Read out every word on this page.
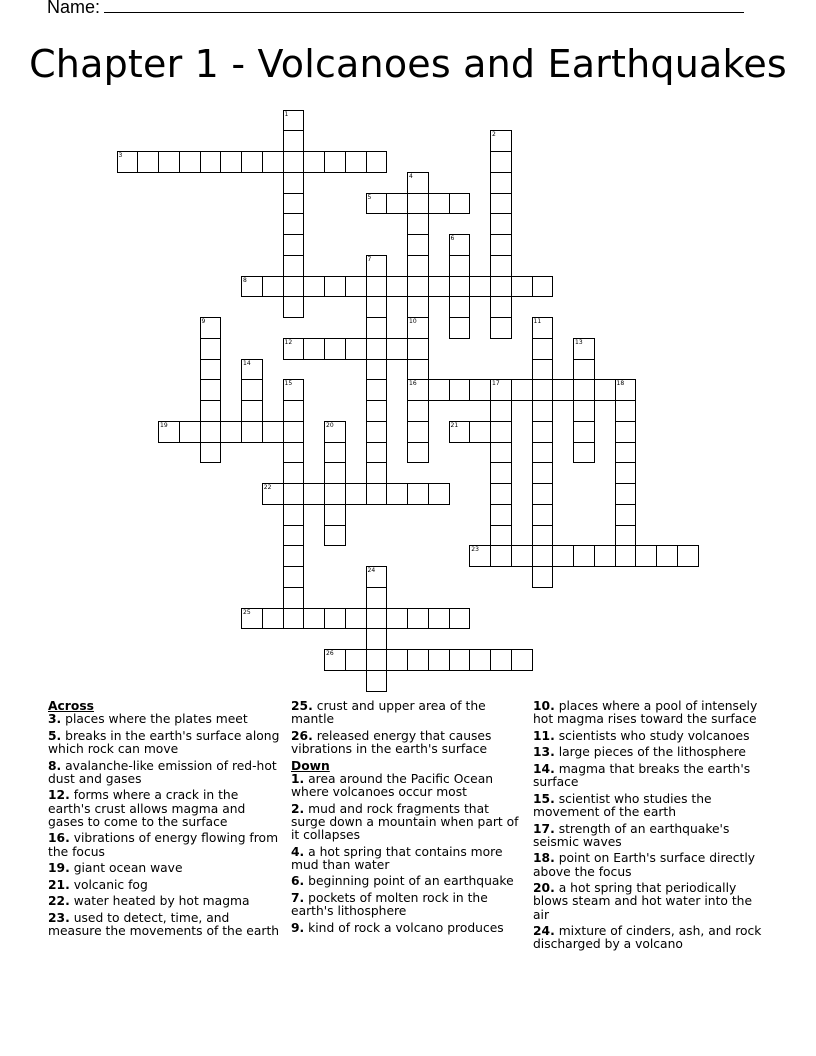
Name:
Chapter 1 - Volcanoes and Earthquakes
1
2
3
4
5
6
7
8
9	10
16
11
12	13
14
15	17	18
19	20	21
22
23
24
25
26
Across
3. places where the plates meet
5. breaks in the earth's surface along which rock can move
8. avalanche-like emission of red-hot dust and gases
12. forms where a crack in the earth's crust allows magma and gases to come to the surface
16. vibrations of energy flowing from the focus
19. giant ocean wave
21. volcanic fog
22. water heated by hot magma
23. used to detect, time, and measure the movements of the earth
25. crust and upper area of the mantle
26. released energy that causes vibrations in the earth's surface
Down
1. area around the Pacific Ocean where volcanoes occur most
2. mud and rock fragments that surge down a mountain when part of it collapses
4. a hot spring that contains more mud than water
6. beginning point of an earthquake
7. pockets of molten rock in the earth's lithosphere
9. kind of rock a volcano produces
10. places where a pool of intensely hot magma rises toward the surface
11. scientists who study volcanoes
13. large pieces of the lithosphere
14. magma that breaks the earth's surface
15. scientist who studies the movement of the earth
17. strength of an earthquake's seismic waves
18. point on Earth's surface directly above the focus
20. a hot spring that periodically blows steam and hot water into the air
24. mixture of cinders, ash, and rock discharged by a volcano
